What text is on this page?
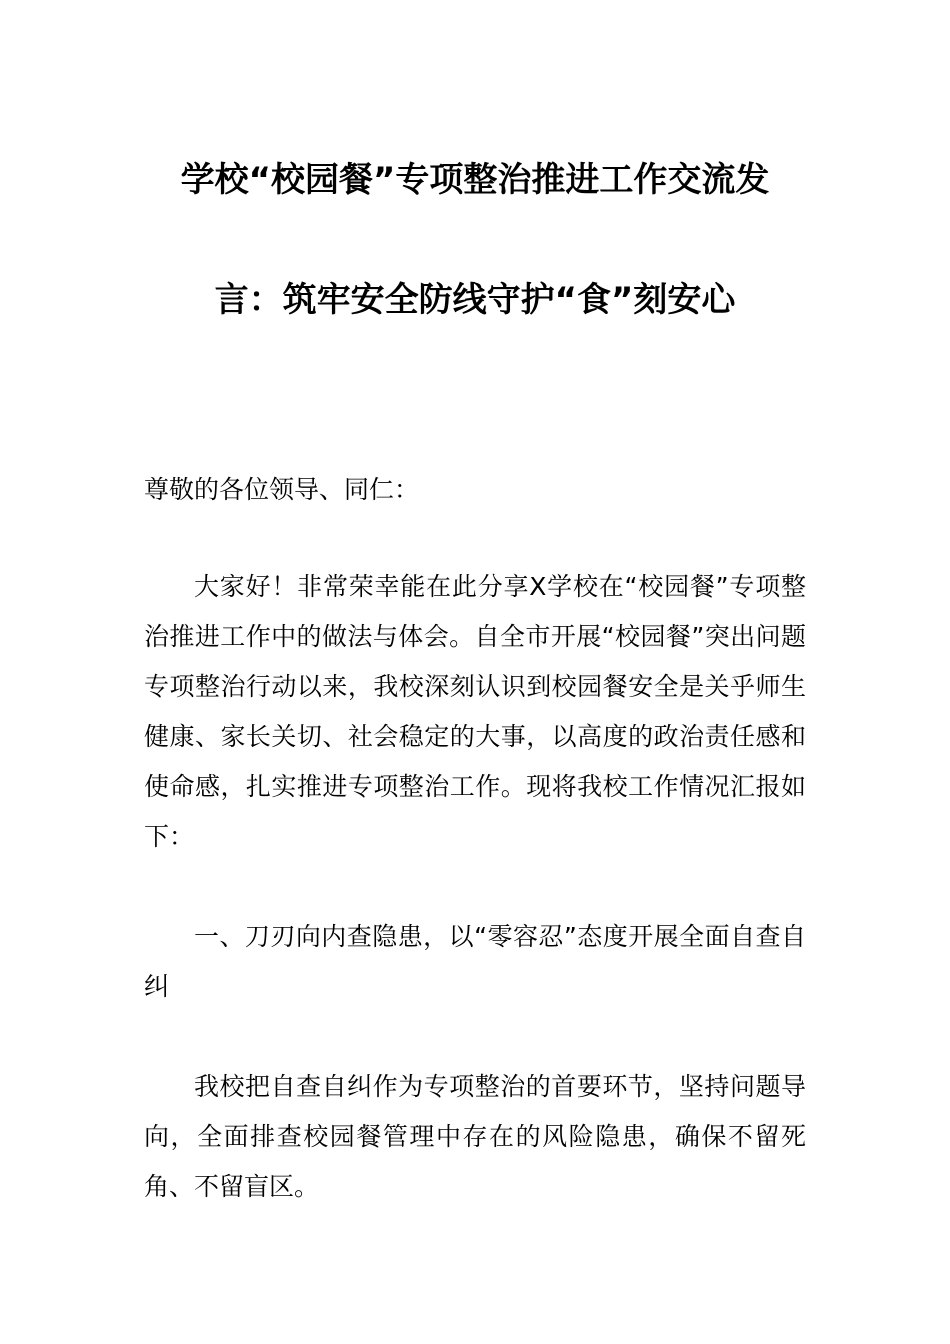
学校“校园餐”专项整治推进工作交流发
言：筑牢安全防线守护“食”刻安心
尊敬的各位领导、同仁：

大家好！非常荣幸能在此分享X学校在“校园餐”专项整治推进工作中的做法与体会。自全市开展“校园餐”突出问题专项整治行动以来，我校深刻认识到校园餐安全是关乎师生健康、家长关切、社会稳定的大事，以高度的政治责任感和使命感，扎实推进专项整治工作。现将我校工作情况汇报如下：

一、刀刃向内查隐患，以“零容忍”态度开展全面自查自纠

我校把自查自纠作为专项整治的首要环节，坚持问题导向，全面排查校园餐管理中存在的风险隐患，确保不留死角、不留盲区。
